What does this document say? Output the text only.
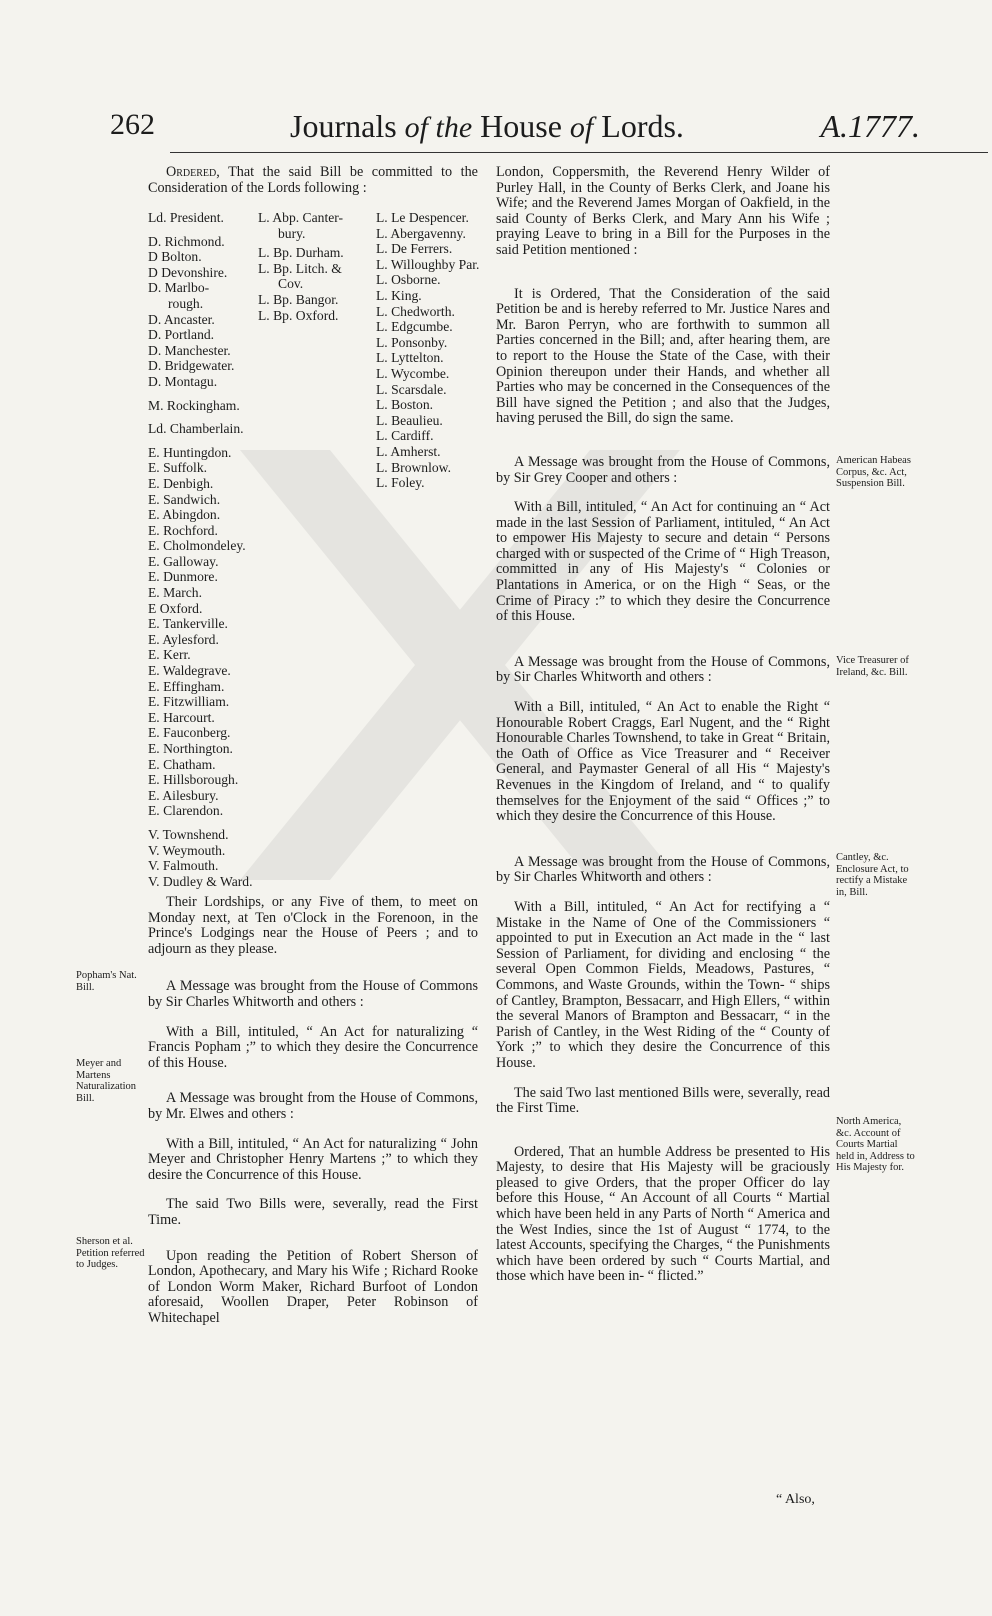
262	Journals of the House of Lords.	A.1777.

Ordered, That the said Bill be committed to the Consideration of the Lords following :

Ld. President.
D. Richmond.
D Bolton.
D Devonshire.
D. Marlbo-
rough.
D. Ancaster.
D. Portland.
D. Manchester.
D. Bridgewater.
D. Montagu.
M. Rockingham.
Ld. Chamberlain.
E. Huntingdon.
E. Suffolk.
E. Denbigh.
E. Sandwich.
E. Abingdon.
E. Rochford.
E. Cholmondeley.
E. Galloway.
E. Dunmore.
E. March.
E Oxford.
E. Tankerville.
E. Aylesford.
E. Kerr.
E. Waldegrave.
E. Effingham.
E. Fitzwilliam.
E. Harcourt.
E. Fauconberg.
E. Northington.
E. Chatham.
E. Hillsborough.
E. Ailesbury.
E. Clarendon.
V. Townshend.
V. Weymouth.
V. Falmouth.
V. Dudley & Ward.
L. Abp. Canter-
bury.
L. Bp. Durham.
L. Bp. Litch. &
Cov.
L. Bp. Bangor.
L. Bp. Oxford.
L. Le Despencer.
L. Abergavenny.
L. De Ferrers.
L. Willoughby Par.
L. Osborne.
L. King.
L. Chedworth.
L. Edgcumbe.
L. Ponsonby.
L. Lyttelton.
L. Wycombe.
L. Scarsdale.
L. Boston.
L. Beaulieu.
L. Cardiff.
L. Amherst.
L. Brownlow.
L. Foley.

Their Lordships, or any Five of them, to meet on Monday next, at Ten o'Clock in the Forenoon, in the Prince's Lodgings near the House of Peers ; and to adjourn as they please.

A Message was brought from the House of Commons by Sir Charles Whitworth and others :

With a Bill, intituled, “ An Act for naturalizing “ Francis Popham ;” to which they desire the Concurrence of this House.

A Message was brought from the House of Commons, by Mr. Elwes and others :

With a Bill, intituled, “ An Act for naturalizing “ John Meyer and Christopher Henry Martens ;” to which they desire the Concurrence of this House.

The said Two Bills were, severally, read the First Time.

Upon reading the Petition of Robert Sherson of London, Apothecary, and Mary his Wife ; Richard Rooke of London Worm Maker, Richard Burfoot of London aforesaid, Woollen Draper, Peter Robinson of Whitechapel

Popham's Nat. Bill.
Meyer and Martens Naturalization Bill.
Sherson et al. Petition referred to Judges.

London, Coppersmith, the Reverend Henry Wilder of Purley Hall, in the County of Berks Clerk, and Joane his Wife; and the Reverend James Morgan of Oakfield, in the said County of Berks Clerk, and Mary Ann his Wife ; praying Leave to bring in a Bill for the Purposes in the said Petition mentioned :

It is Ordered, That the Consideration of the said Petition be and is hereby referred to Mr. Justice Nares and Mr. Baron Perryn, who are forthwith to summon all Parties concerned in the Bill; and, after hearing them, are to report to the House the State of the Case, with their Opinion thereupon under their Hands, and whether all Parties who may be concerned in the Consequences of the Bill have signed the Petition ; and also that the Judges, having perused the Bill, do sign the same.

A Message was brought from the House of Commons, by Sir Grey Cooper and others :

With a Bill, intituled, “ An Act for continuing an “ Act made in the last Session of Parliament, intituled, “ An Act to empower His Majesty to secure and detain “ Persons charged with or suspected of the Crime of “ High Treason, committed in any of His Majesty's “ Colonies or Plantations in America, or on the High “ Seas, or the Crime of Piracy :” to which they desire the Concurrence of this House.

A Message was brought from the House of Commons, by Sir Charles Whitworth and others :

With a Bill, intituled, “ An Act to enable the Right “ Honourable Robert Craggs, Earl Nugent, and the “ Right Honourable Charles Townshend, to take in Great “ Britain, the Oath of Office as Vice Treasurer and “ Receiver General, and Paymaster General of all His “ Majesty's Revenues in the Kingdom of Ireland, and “ to qualify themselves for the Enjoyment of the said “ Offices ;” to which they desire the Concurrence of this House.

A Message was brought from the House of Commons, by Sir Charles Whitworth and others :

With a Bill, intituled, “ An Act for rectifying a “ Mistake in the Name of One of the Commissioners “ appointed to put in Execution an Act made in the “ last Session of Parliament, for dividing and enclosing “ the several Open Common Fields, Meadows, Pastures, “ Commons, and Waste Grounds, within the Town- “ ships of Cantley, Brampton, Bessacarr, and High Ellers, “ within the several Manors of Brampton and Bessacarr, “ in the Parish of Cantley, in the West Riding of the “ County of York ;” to which they desire the Concurrence of this House.

The said Two last mentioned Bills were, severally, read the First Time.

Ordered, That an humble Address be presented to His Majesty, to desire that His Majesty will be graciously pleased to give Orders, that the proper Officer do lay before this House, “ An Account of all Courts “ Martial which have been held in any Parts of North “ America and the West Indies, since the 1st of August “ 1774, to the latest Accounts, specifying the Charges, “ the Punishments which have been ordered by such “ Courts Martial, and those which have been in- “ flicted.”

American Habeas Corpus, &c. Act, Suspension Bill.
Vice Treasurer of Ireland, &c. Bill.
Cantley, &c. Enclosure Act, to rectify a Mistake in, Bill.
North America, &c. Account of Courts Martial held in, Address to His Majesty for.
“ Also,
